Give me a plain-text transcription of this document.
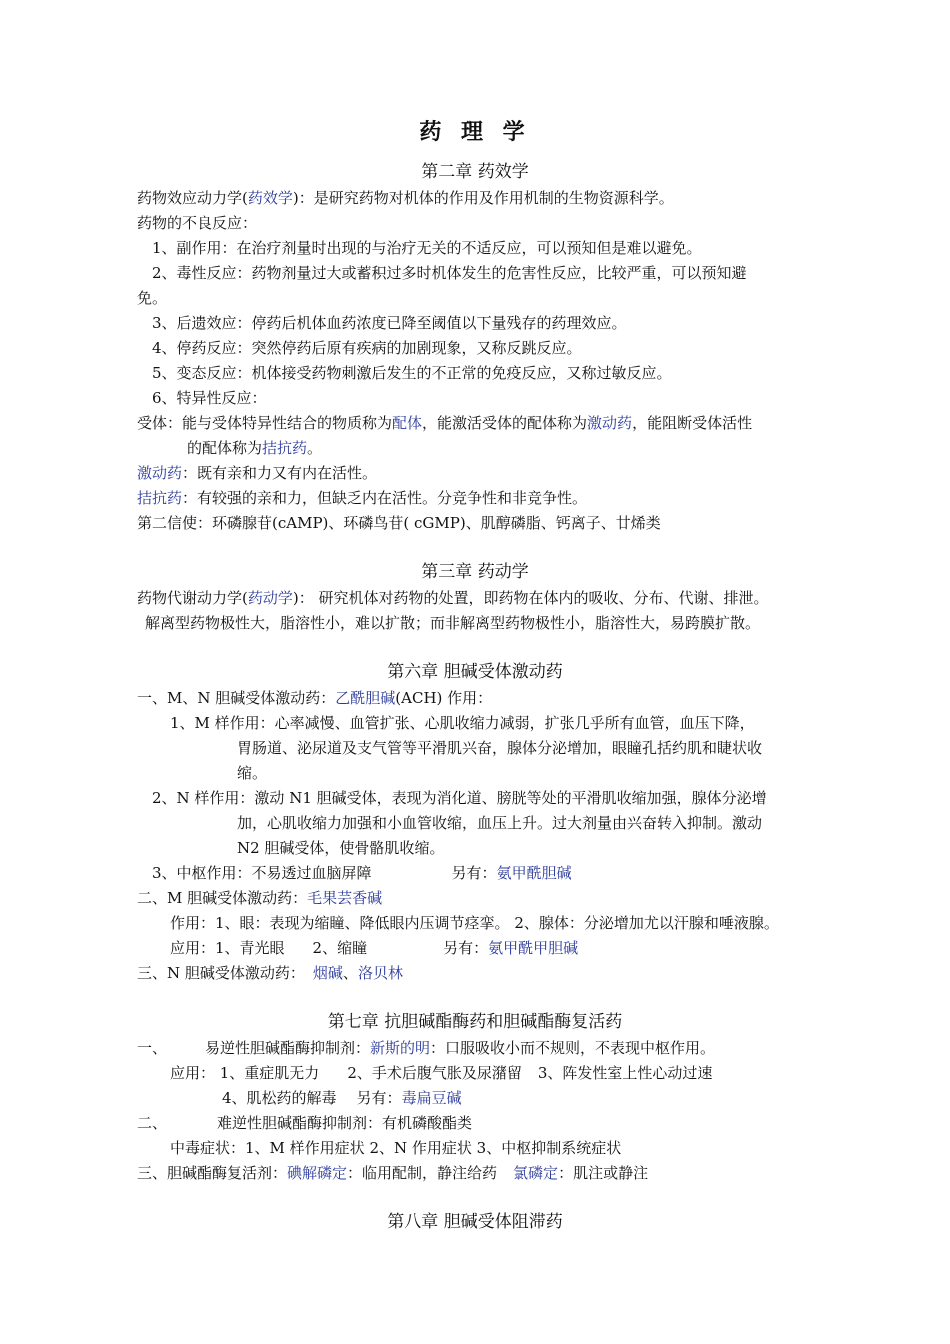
药 理 学
第二章 药效学
药物效应动力学(药效学)：是研究药物对机体的作用及作用机制的生物资源科学。
药物的不良反应：
1、副作用：在治疗剂量时出现的与治疗无关的不适反应，可以预知但是难以避免。
2、毒性反应：药物剂量过大或蓄积过多时机体发生的危害性反应，比较严重，可以预知避
免。
3、后遗效应：停药后机体血药浓度已降至阈值以下量残存的药理效应。
4、停药反应：突然停药后原有疾病的加剧现象，又称反跳反应。
5、变态反应：机体接受药物刺激后发生的不正常的免疫反应，又称过敏反应。
6、特异性反应：
受体：能与受体特异性结合的物质称为配体，能激活受体的配体称为激动药，能阻断受体活性
的配体称为拮抗药。
激动药：既有亲和力又有内在活性。
拮抗药：有较强的亲和力，但缺乏内在活性。分竞争性和非竞争性。
第二信使：环磷腺苷(cAMP)、环磷鸟苷( cGMP)、肌醇磷脂、钙离子、廿烯类
第三章 药动学
药物代谢动力学(药动学)： 研究机体对药物的处置，即药物在体内的吸收、分布、代谢、排泄。
解离型药物极性大，脂溶性小，难以扩散；而非解离型药物极性小，脂溶性大，易跨膜扩散。
第六章 胆碱受体激动药
一、M、N 胆碱受体激动药：乙酰胆碱(ACH) 作用：
1、M 样作用：心率减慢、血管扩张、心肌收缩力减弱，扩张几乎所有血管，血压下降，
胃肠道、泌尿道及支气管等平滑肌兴奋，腺体分泌增加，眼瞳孔括约肌和睫状收
缩。
2、N 样作用：激动 N1 胆碱受体，表现为消化道、膀胱等处的平滑肌收缩加强，腺体分泌增
加，心肌收缩力加强和小血管收缩，血压上升。过大剂量由兴奋转入抑制。激动
N2 胆碱受体，使骨骼肌收缩。
3、中枢作用：不易透过血脑屏障	另有：氨甲酰胆碱
二、M 胆碱受体激动药：毛果芸香碱
作用：1、眼：表现为缩瞳、降低眼内压调节痉挛。 2、腺体：分泌增加尤以汗腺和唾液腺。
应用：1、青光眼 2、缩瞳	另有：氨甲酰甲胆碱
三、N 胆碱受体激动药： 烟碱、洛贝林
第七章 抗胆碱酯酶药和胆碱酯酶复活药
一、	易逆性胆碱酯酶抑制剂：新斯的明：口服吸收小而不规则，不表现中枢作用。
应用： 1、重症肌无力 2、手术后腹气胀及尿潴留 3、阵发性室上性心动过速
4、肌松药的解毒 另有：毒扁豆碱
二、	难逆性胆碱酯酶抑制剂：有机磷酸酯类
中毒症状：1、M 样作用症状 2、N 作用症状 3、中枢抑制系统症状
三、胆碱酯酶复活剂：碘解磷定：临用配制，静注给药 氯磷定：肌注或静注
第八章 胆碱受体阻滞药
